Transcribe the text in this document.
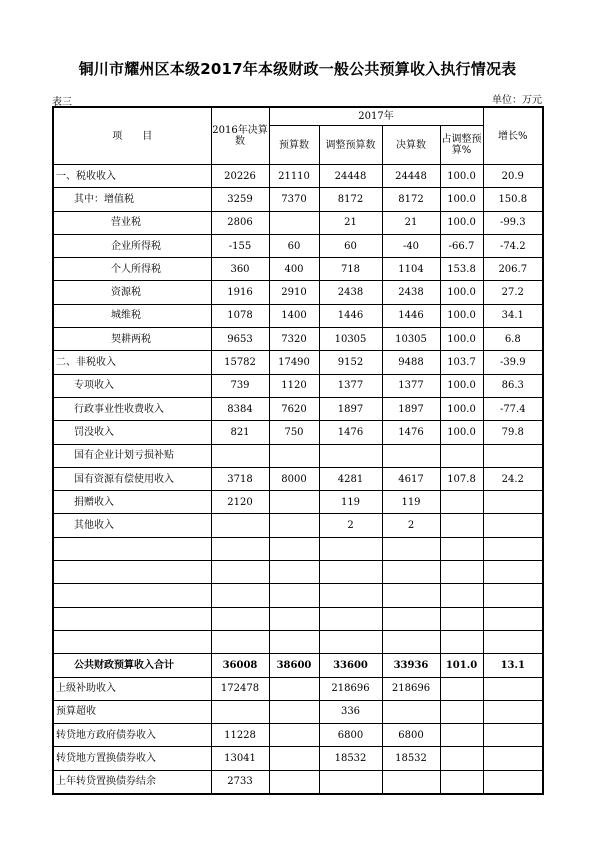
铜川市耀州区本级2017年本级财政一般公共预算收入执行情况表
表三	单位：万元
项　　目	2016年决算数	2017年				增长%
		预算数	调整预算数	决算数	占调整预算%	
一、税收收入	20226	21110	24448	24448	100.0	20.9
其中：增值税	3259	7370	8172	8172	100.0	150.8
营业税	2806		21	21	100.0	-99.3
企业所得税	-155	60	60	-40	-66.7	-74.2
个人所得税	360	400	718	1104	153.8	206.7
资源税	1916	2910	2438	2438	100.0	27.2
城维税	1078	1400	1446	1446	100.0	34.1
契耕两税	9653	7320	10305	10305	100.0	6.8
二、非税收入	15782	17490	9152	9488	103.7	-39.9
专项收入	739	1120	1377	1377	100.0	86.3
行政事业性收费收入	8384	7620	1897	1897	100.0	-77.4
罚没收入	821	750	1476	1476	100.0	79.8
国有企业计划亏损补贴						
国有资源有偿使用收入	3718	8000	4281	4617	107.8	24.2
捐赠收入	2120		119	119		
其他收入			2	2		

公共财政预算收入合计	36008	38600	33600	33936	101.0	13.1
上级补助收入	172478		218696	218696		
预算超收			336			
转贷地方政府债券收入	11228		6800	6800		
转贷地方置换债券收入	13041		18532	18532		
上年转贷置换债券结余	2733					
